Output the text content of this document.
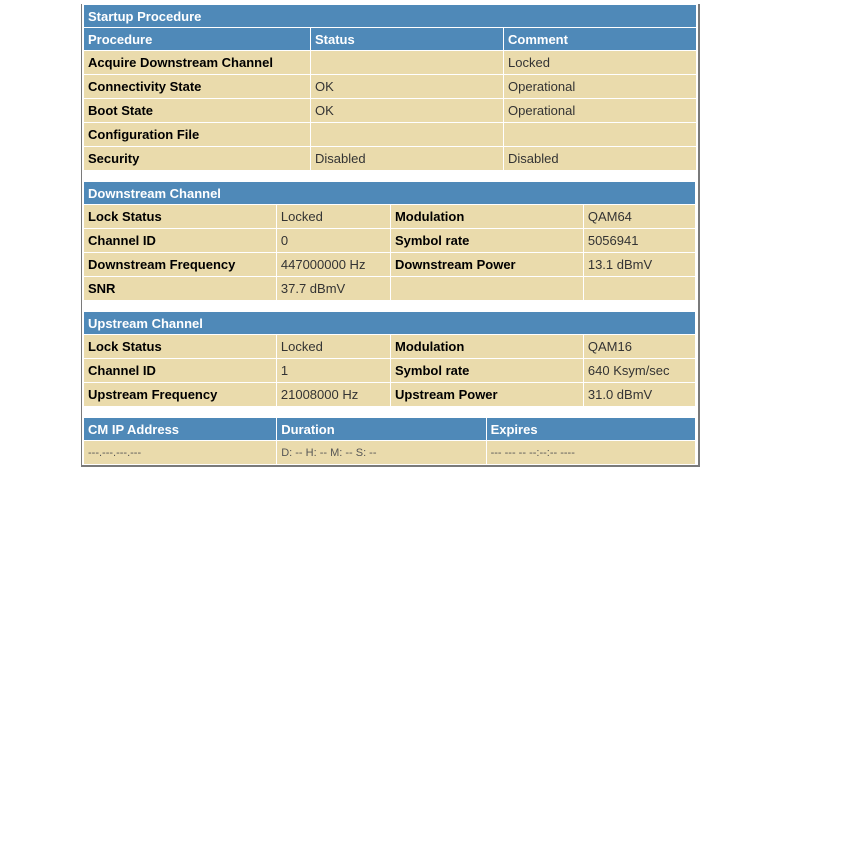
Startup Procedure		
Procedure	Status	Comment
Acquire Downstream Channel		Locked
Connectivity State	OK	Operational
Boot State	OK	Operational
Configuration File		
Security	Disabled	Disabled
Downstream Channel			
Lock Status	Locked	Modulation	QAM64
Channel ID	0	Symbol rate	5056941
Downstream Frequency	447000000 Hz	Downstream Power	13.1 dBmV
SNR	37.7 dBmV		
Upstream Channel			
Lock Status	Locked	Modulation	QAM16
Channel ID	1	Symbol rate	640 Ksym/sec
Upstream Frequency	21008000 Hz	Upstream Power	31.0 dBmV
CM IP Address	Duration	Expires
---.---.---.---	D: -- H: -- M: -- S: --	--- --- -- --:--:-- ----
